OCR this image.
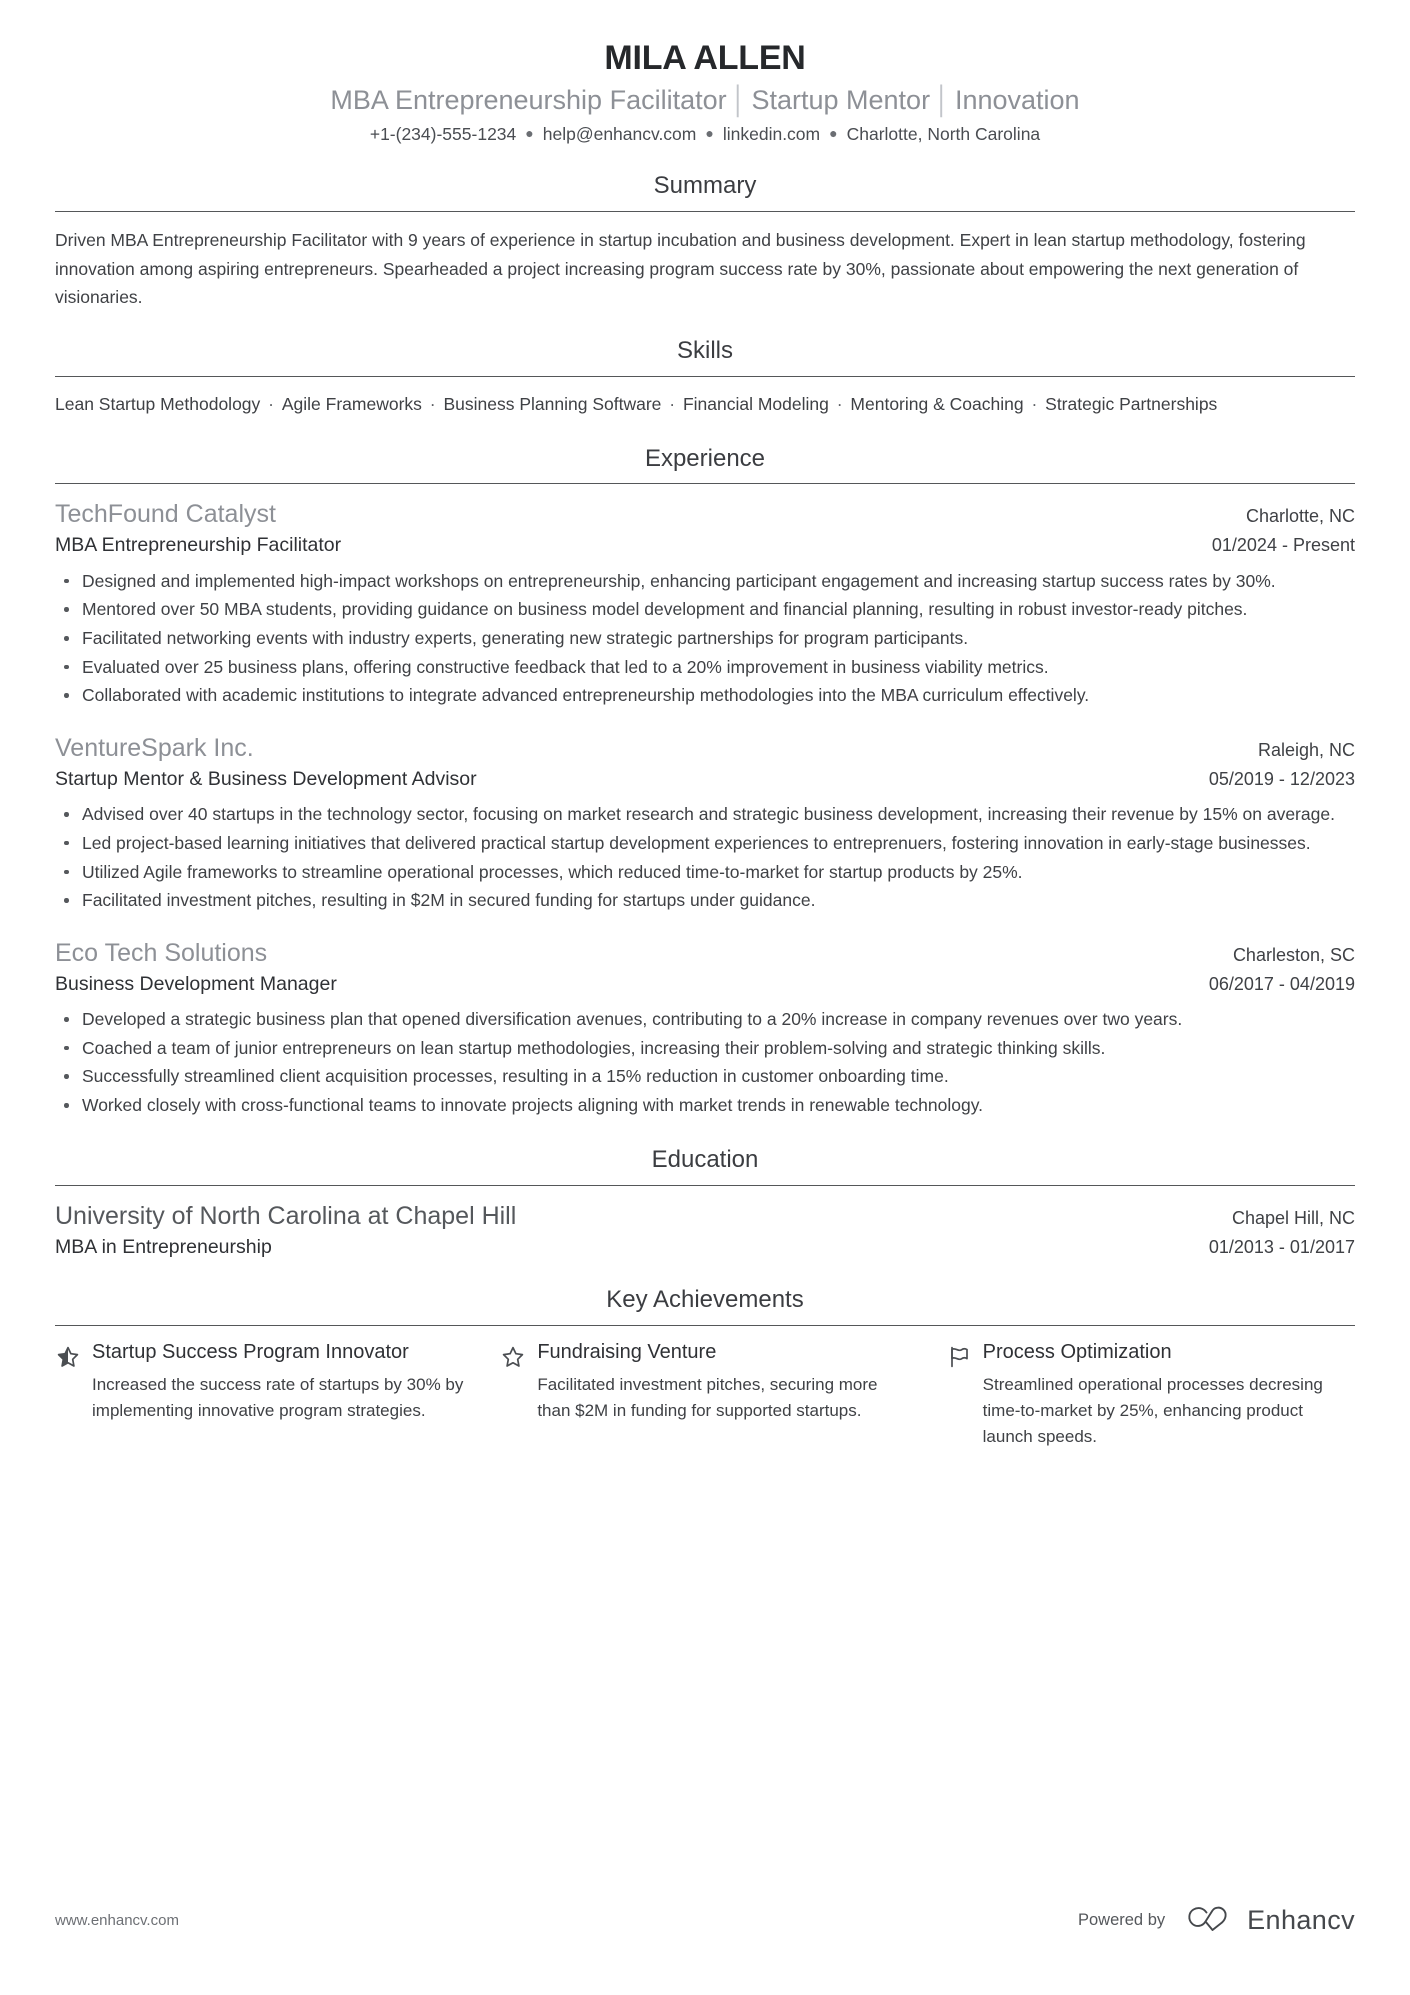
MILA ALLEN
MBA Entrepreneurship Facilitator │ Startup Mentor │ Innovation
+1-(234)-555-1234 ● help@enhancv.com ● linkedin.com ● Charlotte, North Carolina
Summary
Driven MBA Entrepreneurship Facilitator with 9 years of experience in startup incubation and business development. Expert in lean startup methodology, fostering innovation among aspiring entrepreneurs. Spearheaded a project increasing program success rate by 30%, passionate about empowering the next generation of visionaries.
Skills
Lean Startup Methodology · Agile Frameworks · Business Planning Software · Financial Modeling · Mentoring & Coaching · Strategic Partnerships
Experience
TechFound Catalyst	Charlotte, NC
MBA Entrepreneurship Facilitator	01/2024 - Present
Designed and implemented high-impact workshops on entrepreneurship, enhancing participant engagement and increasing startup success rates by 30%.
Mentored over 50 MBA students, providing guidance on business model development and financial planning, resulting in robust investor-ready pitches.
Facilitated networking events with industry experts, generating new strategic partnerships for program participants.
Evaluated over 25 business plans, offering constructive feedback that led to a 20% improvement in business viability metrics.
Collaborated with academic institutions to integrate advanced entrepreneurship methodologies into the MBA curriculum effectively.
VentureSpark Inc.	Raleigh, NC
Startup Mentor & Business Development Advisor	05/2019 - 12/2023
Advised over 40 startups in the technology sector, focusing on market research and strategic business development, increasing their revenue by 15% on average.
Led project-based learning initiatives that delivered practical startup development experiences to entreprenuers, fostering innovation in early-stage businesses.
Utilized Agile frameworks to streamline operational processes, which reduced time-to-market for startup products by 25%.
Facilitated investment pitches, resulting in $2M in secured funding for startups under guidance.
Eco Tech Solutions	Charleston, SC
Business Development Manager	06/2017 - 04/2019
Developed a strategic business plan that opened diversification avenues, contributing to a 20% increase in company revenues over two years.
Coached a team of junior entrepreneurs on lean startup methodologies, increasing their problem-solving and strategic thinking skills.
Successfully streamlined client acquisition processes, resulting in a 15% reduction in customer onboarding time.
Worked closely with cross-functional teams to innovate projects aligning with market trends in renewable technology.
Education
University of North Carolina at Chapel Hill	Chapel Hill, NC
MBA in Entrepreneurship	01/2013 - 01/2017
Key Achievements
Startup Success Program Innovator
Increased the success rate of startups by 30% by implementing innovative program strategies.
Fundraising Venture
Facilitated investment pitches, securing more than $2M in funding for supported startups.
Process Optimization
Streamlined operational processes decresing time-to-market by 25%, enhancing product launch speeds.
www.enhancv.com	Powered by	Enhancv
